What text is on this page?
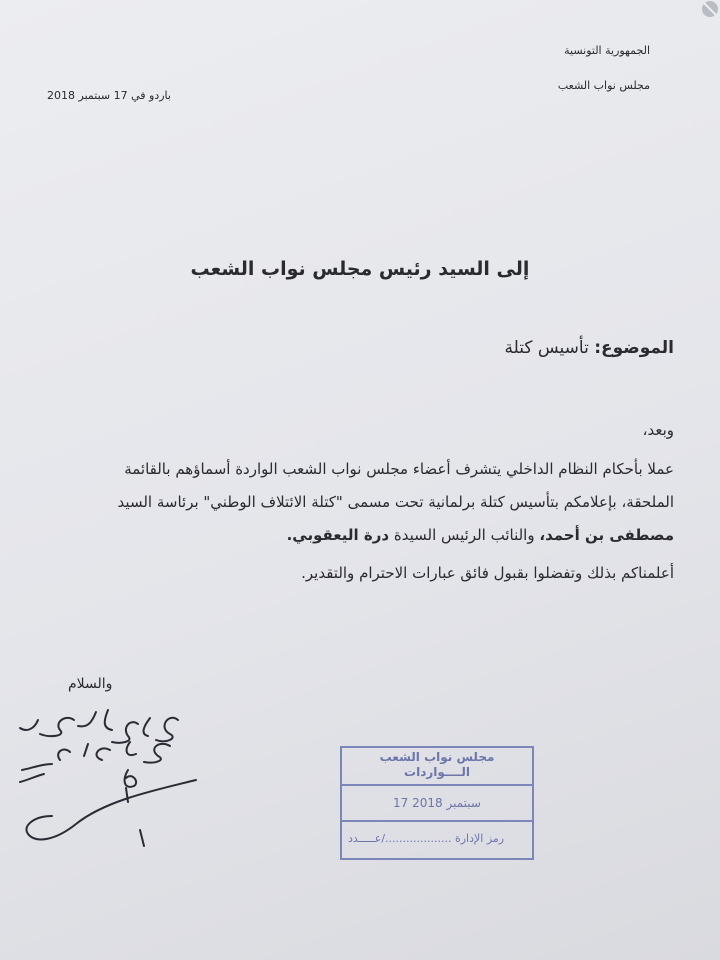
الجمهورية التونسية
مجلس نواب الشعب
باردو في 17 سبتمبر 2018
إلى السيد رئيس مجلس نواب الشعب
الموضوع: تأسيس كتلة
وبعد،
عملا بأحكام النظام الداخلي يتشرف أعضاء مجلس نواب الشعب الواردة أسماؤهم بالقائمة
الملحقة، بإعلامكم بتأسيس كتلة برلمانية تحت مسمى "كتلة الائتلاف الوطني" برئاسة السيد
مصطفى بن أحمد، والنائب الرئيس السيدة درة اليعقوبي.
أعلمناكم بذلك وتفضلوا بقبول فائق عبارات الاحترام والتقدير.
والسلام
مجلس نواب الشعب
الــــواردات
17 سبتمبر 2018
رمز الإدارة .................../عـــــدد
